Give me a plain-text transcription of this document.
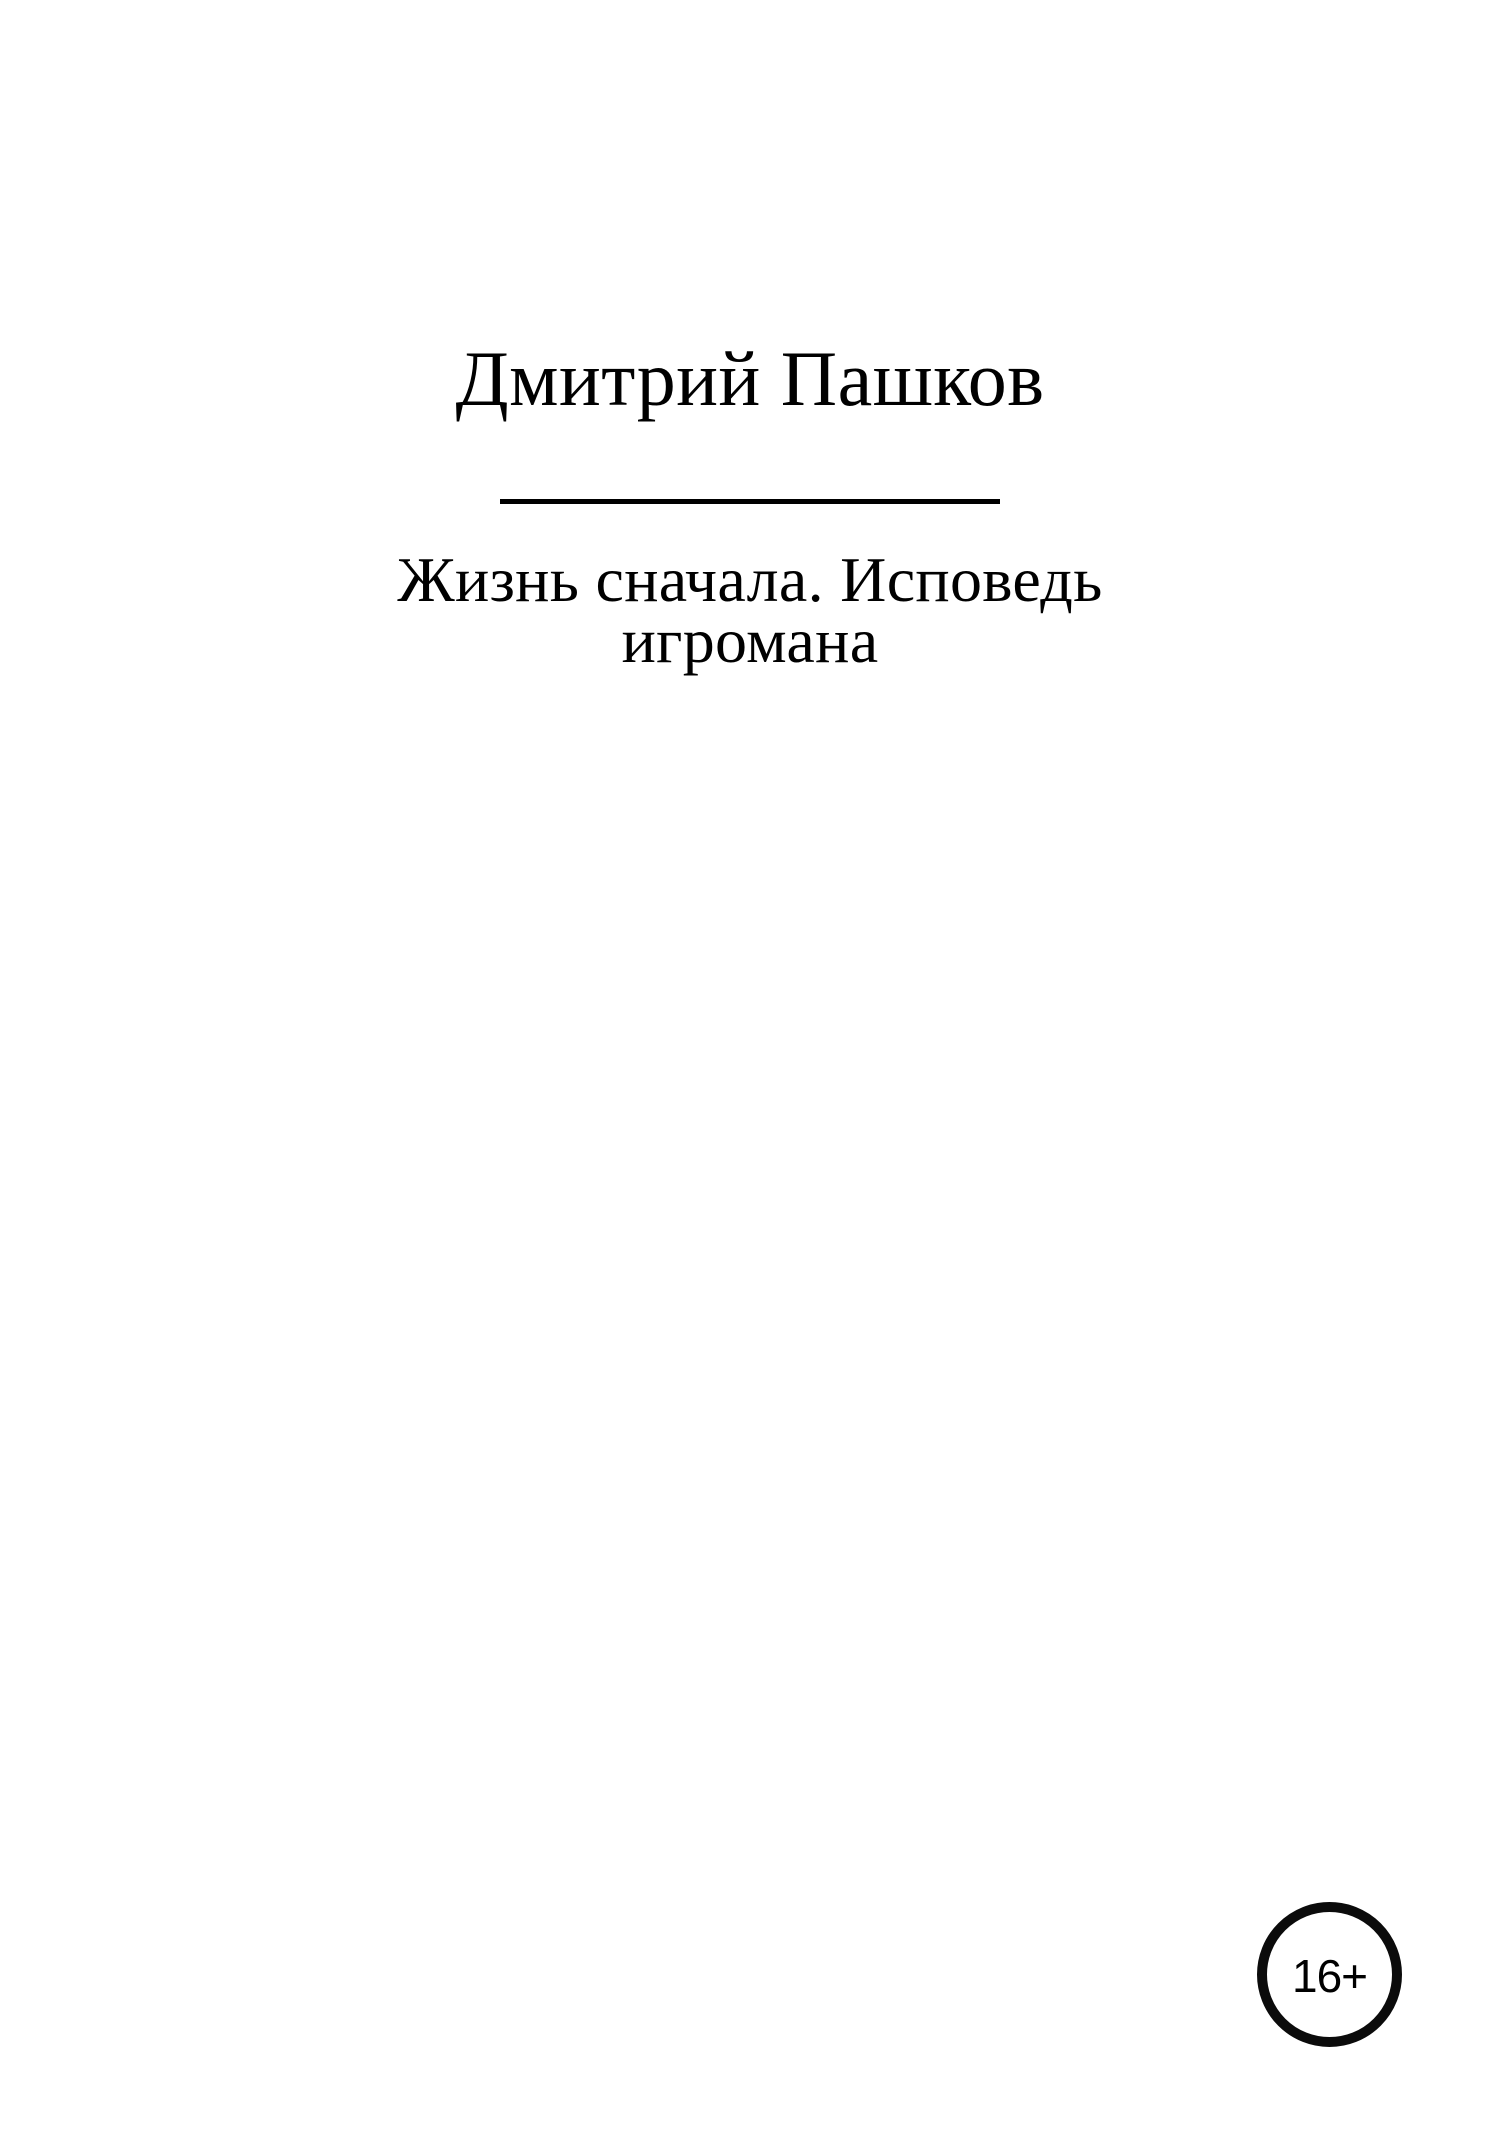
Дмитрий Пашков
Жизнь сначала. Исповедь игромана
16+
